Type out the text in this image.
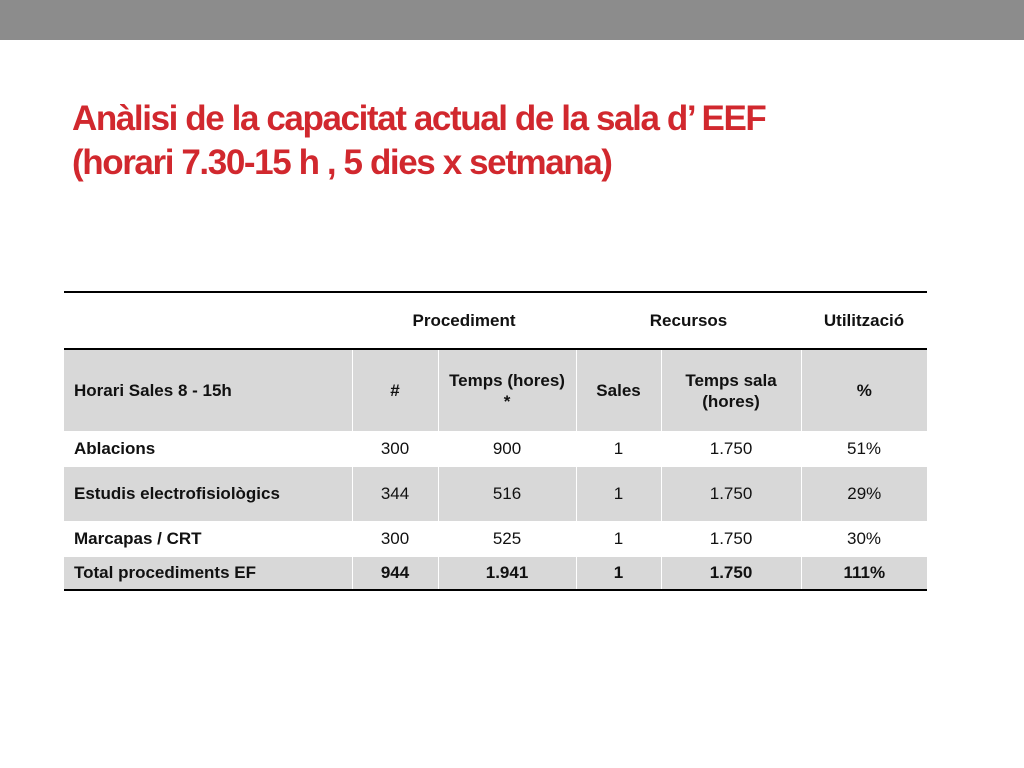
Anàlisi de la capacitat actual de la sala d’ EEF
(horari 7.30-15 h , 5 dies x setmana)
	Procediment		Recursos		Utilització
Horari Sales 8 - 15h	#	Temps (hores) *	Sales	Temps sala (hores)	%
Ablacions	300	900	1	1.750	51%
Estudis electrofisiològics	344	516	1	1.750	29%
Marcapas / CRT	300	525	1	1.750	30%
Total procediments EF	944	1.941	1	1.750	111%
